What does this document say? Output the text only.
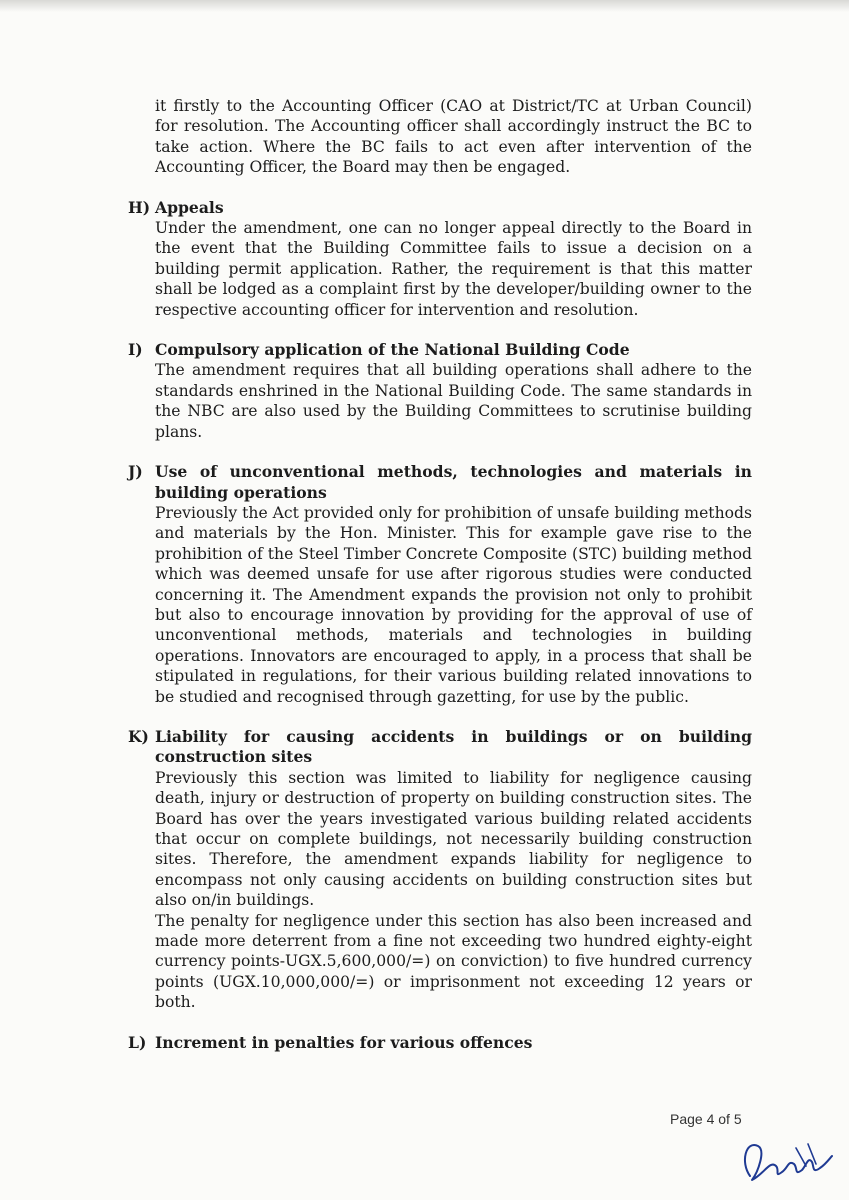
it firstly to the Accounting Officer (CAO at District/TC at Urban Council) for resolution. The Accounting officer shall accordingly instruct the BC to take action. Where the BC fails to act even after intervention of the Accounting Officer, the Board may then be engaged.

H) Appeals

Under the amendment, one can no longer appeal directly to the Board in the event that the Building Committee fails to issue a decision on a building permit application. Rather, the requirement is that this matter shall be lodged as a complaint first by the developer/building owner to the respective accounting officer for intervention and resolution.

I) Compulsory application of the National Building Code

The amendment requires that all building operations shall adhere to the standards enshrined in the National Building Code. The same standards in the NBC are also used by the Building Committees to scrutinise building plans.

J) Use of unconventional methods, technologies and materials in building operations

Previously the Act provided only for prohibition of unsafe building methods and materials by the Hon. Minister. This for example gave rise to the prohibition of the Steel Timber Concrete Composite (STC) building method which was deemed unsafe for use after rigorous studies were conducted concerning it. The Amendment expands the provision not only to prohibit but also to encourage innovation by providing for the approval of use of unconventional methods, materials and technologies in building operations. Innovators are encouraged to apply, in a process that shall be stipulated in regulations, for their various building related innovations to be studied and recognised through gazetting, for use by the public.

K) Liability for causing accidents in buildings or on building construction sites

Previously this section was limited to liability for negligence causing death, injury or destruction of property on building construction sites. The Board has over the years investigated various building related accidents that occur on complete buildings, not necessarily building construction sites. Therefore, the amendment expands liability for negligence to encompass not only causing accidents on building construction sites but also on/in buildings.

The penalty for negligence under this section has also been increased and made more deterrent from a fine not exceeding two hundred eighty-eight currency points-UGX.5,600,000/=) on conviction) to five hundred currency points (UGX.10,000,000/=) or imprisonment not exceeding 12 years or both.

L) Increment in penalties for various offences
Page 4 of 5
